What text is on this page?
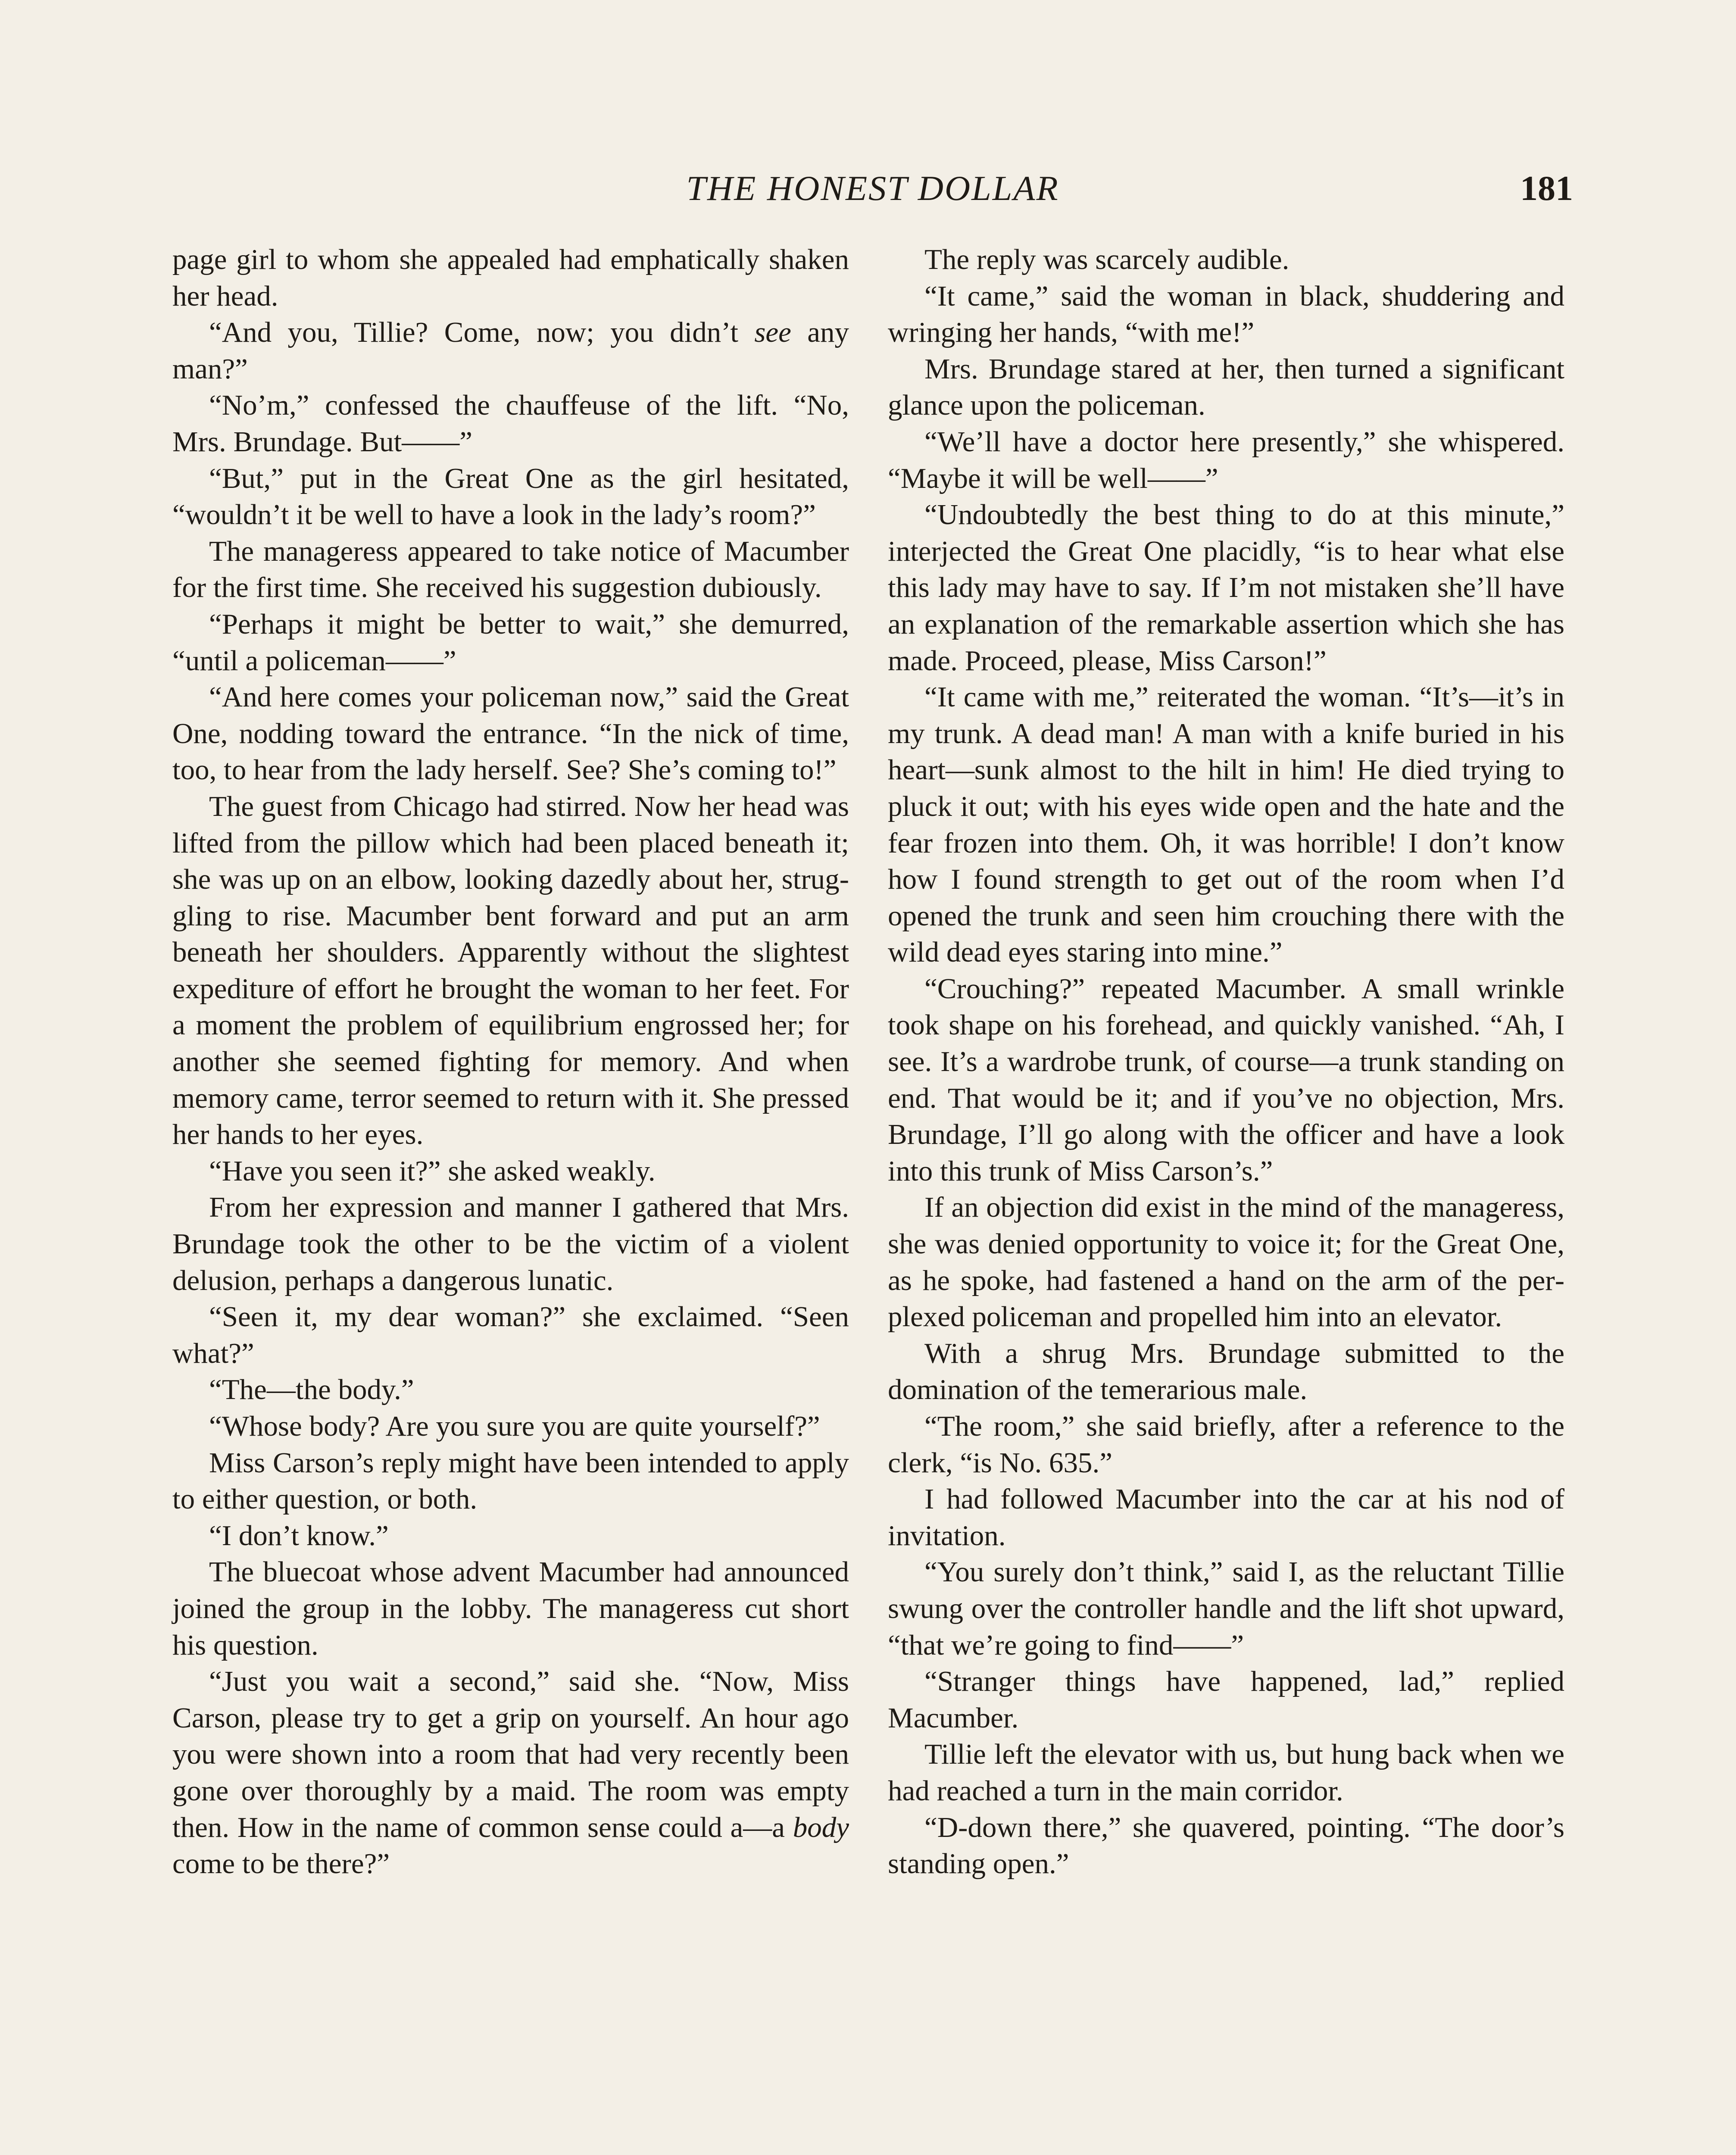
THE HONEST DOLLAR	181

page girl to whom she appealed had emphatically shaken her head.

“And you, Tillie? Come, now; you didn’t see any man?”

“No’m,” confessed the chauffeuse of the lift. “No, Mrs. Brundage. But——”

“But,” put in the Great One as the girl hesitated, “wouldn’t it be well to have a look in the lady’s room?”

The manageress appeared to take notice of Macumber for the first time. She received his suggestion dubiously.

“Perhaps it might be better to wait,” she demurred, “until a policeman——”

“And here comes your policeman now,” said the Great One, nodding toward the entrance. “In the nick of time, too, to hear from the lady herself. See? She’s coming to!”

The guest from Chicago had stirred. Now her head was lifted from the pillow which had been placed beneath it; she was up on an elbow, looking dazedly about her, struggling to rise. Macumber bent forward and put an arm beneath her shoulders. Apparently without the slightest expediture of effort he brought the woman to her feet. For a moment the problem of equilibrium engrossed her; for another she seemed fighting for memory. And when memory came, terror seemed to return with it. She pressed her hands to her eyes.

“Have you seen it?” she asked weakly.

From her expression and manner I gathered that Mrs. Brundage took the other to be the victim of a violent delusion, perhaps a dangerous lunatic.

“Seen it, my dear woman?” she exclaimed. “Seen what?”

“The—the body.”

“Whose body? Are you sure you are quite yourself?”

Miss Carson’s reply might have been intended to apply to either question, or both.

“I don’t know.”

The bluecoat whose advent Macumber had announced joined the group in the lobby. The manageress cut short his question.

“Just you wait a second,” said she. “Now, Miss Carson, please try to get a grip on yourself. An hour ago you were shown into a room that had very recently been gone over thoroughly by a maid. The room was empty then. How in the name of common sense could a—a body come to be there?”

The reply was scarcely audible.

“It came,” said the woman in black, shuddering and wringing her hands, “with me!”

Mrs. Brundage stared at her, then turned a significant glance upon the policeman.

“We’ll have a doctor here presently,” she whispered. “Maybe it will be well——”

“Undoubtedly the best thing to do at this minute,” interjected the Great One placidly, “is to hear what else this lady may have to say. If I’m not mistaken she’ll have an explanation of the remarkable assertion which she has made. Proceed, please, Miss Carson!”

“It came with me,” reiterated the woman. “It’s—it’s in my trunk. A dead man! A man with a knife buried in his heart—sunk almost to the hilt in him! He died trying to pluck it out; with his eyes wide open and the hate and the fear frozen into them. Oh, it was horrible! I don’t know how I found strength to get out of the room when I’d opened the trunk and seen him crouching there with the wild dead eyes staring into mine.”

“Crouching?” repeated Macumber. A small wrinkle took shape on his forehead, and quickly vanished. “Ah, I see. It’s a wardrobe trunk, of course—a trunk standing on end. That would be it; and if you’ve no objection, Mrs. Brundage, I’ll go along with the officer and have a look into this trunk of Miss Carson’s.”

If an objection did exist in the mind of the manageress, she was denied opportunity to voice it; for the Great One, as he spoke, had fastened a hand on the arm of the perplexed policeman and propelled him into an elevator.

With a shrug Mrs. Brundage submitted to the domination of the temerarious male.

“The room,” she said briefly, after a reference to the clerk, “is No. 635.”

I had followed Macumber into the car at his nod of invitation.

“You surely don’t think,” said I, as the reluctant Tillie swung over the controller handle and the lift shot upward, “that we’re going to find——”

“Stranger things have happened, lad,” replied Macumber.

Tillie left the elevator with us, but hung back when we had reached a turn in the main corridor.

“D-down there,” she quavered, pointing. “The door’s standing open.”
